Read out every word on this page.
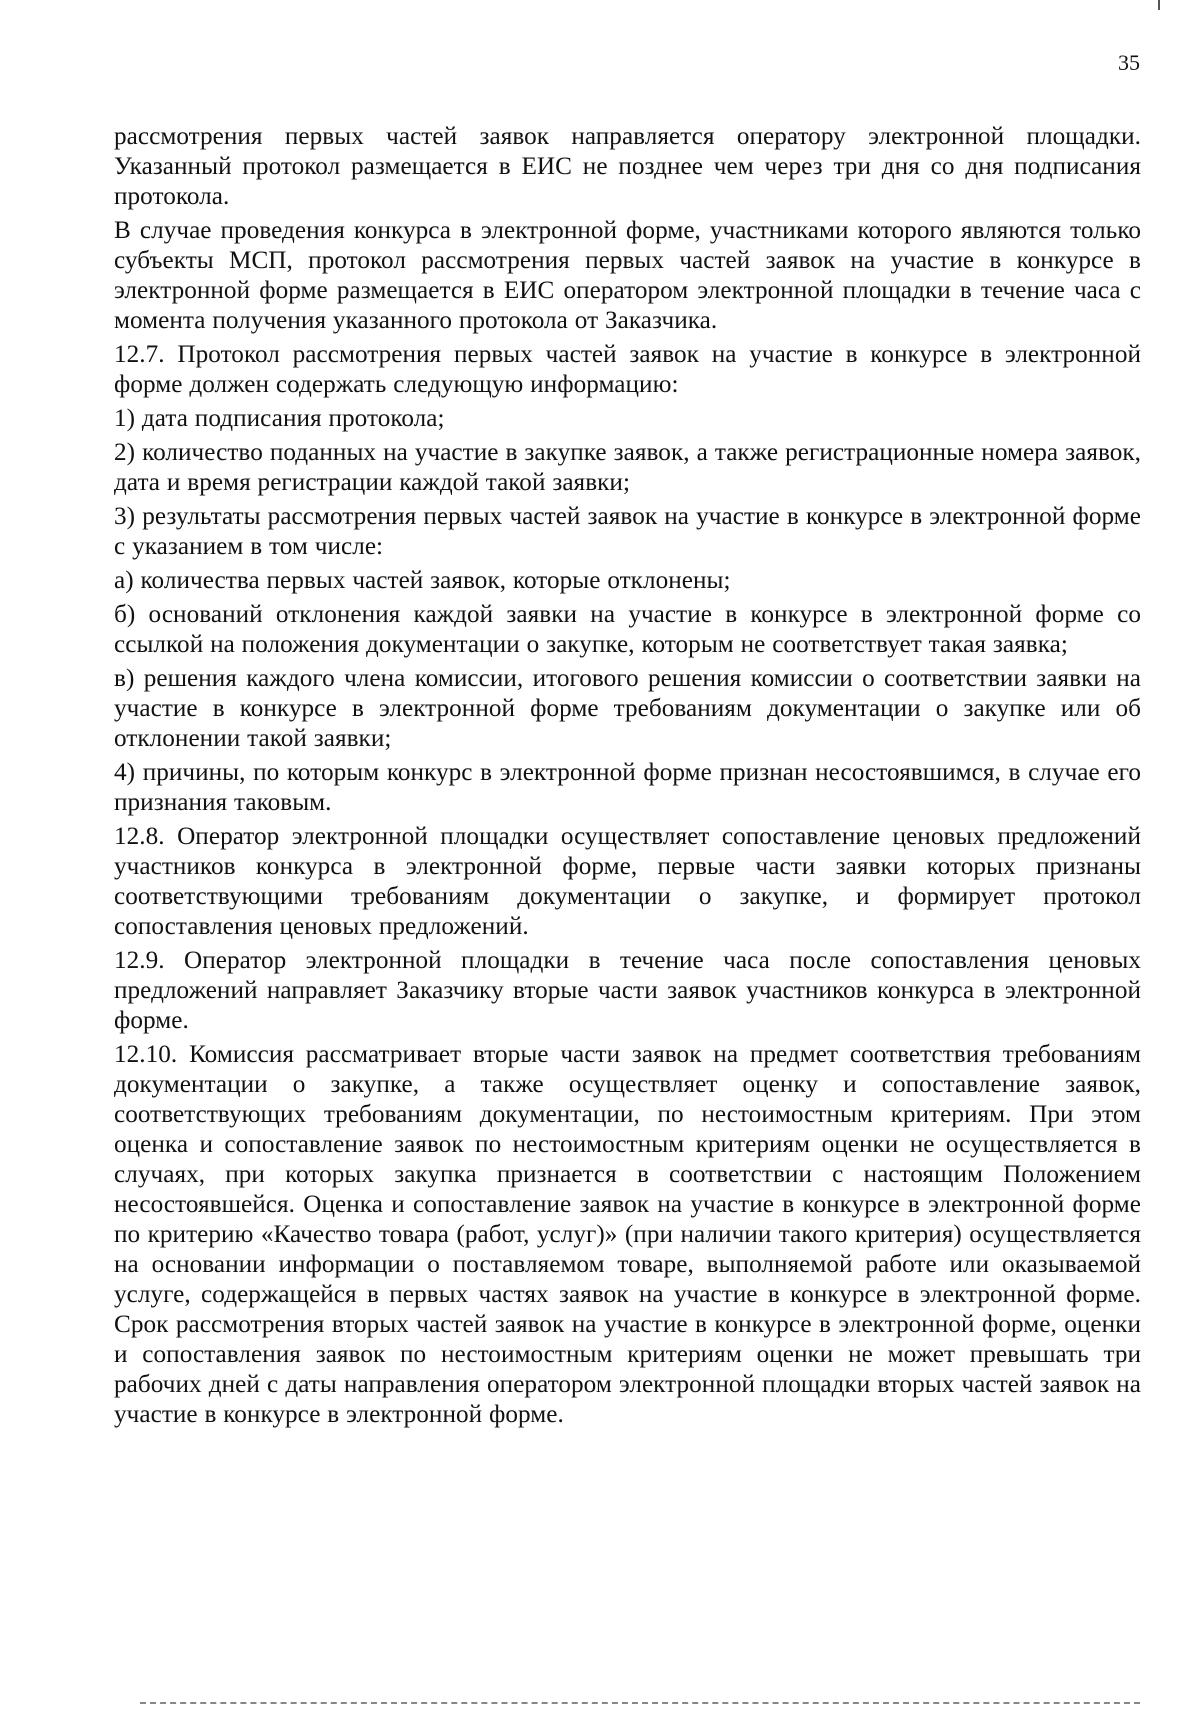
35

рассмотрения первых частей заявок направляется оператору электронной площадки. Указанный протокол размещается в ЕИС не позднее чем через три дня со дня подписания протокола.

В случае проведения конкурса в электронной форме, участниками которого являются только субъекты МСП, протокол рассмотрения первых частей заявок на участие в конкурсе в электронной форме размещается в ЕИС оператором электронной площадки в течение часа с момента получения указанного протокола от Заказчика.

12.7. Протокол рассмотрения первых частей заявок на участие в конкурсе в электронной форме должен содержать следующую информацию:

1) дата подписания протокола;

2) количество поданных на участие в закупке заявок, а также регистрационные номера заявок, дата и время регистрации каждой такой заявки;

3) результаты рассмотрения первых частей заявок на участие в конкурсе в электронной форме с указанием в том числе:

а) количества первых частей заявок, которые отклонены;

б) оснований отклонения каждой заявки на участие в конкурсе в электронной форме со ссылкой на положения документации о закупке, которым не соответствует такая заявка;

в) решения каждого члена комиссии, итогового решения комиссии о соответствии заявки на участие в конкурсе в электронной форме требованиям документации о закупке или об отклонении такой заявки;

4) причины, по которым конкурс в электронной форме признан несостоявшимся, в случае его признания таковым.

12.8. Оператор электронной площадки осуществляет сопоставление ценовых предложений участников конкурса в электронной форме, первые части заявки которых признаны соответствующими требованиям документации о закупке, и формирует протокол сопоставления ценовых предложений.

12.9. Оператор электронной площадки в течение часа после сопоставления ценовых предложений направляет Заказчику вторые части заявок участников конкурса в электронной форме.

12.10. Комиссия рассматривает вторые части заявок на предмет соответствия требованиям документации о закупке, а также осуществляет оценку и сопоставление заявок, соответствующих требованиям документации, по нестоимостным критериям. При этом оценка и сопоставление заявок по нестоимостным критериям оценки не осуществляется в случаях, при которых закупка признается в соответствии с настоящим Положением несостоявшейся. Оценка и сопоставление заявок на участие в конкурсе в электронной форме по критерию «Качество товара (работ, услуг)» (при наличии такого критерия) осуществляется на основании информации о поставляемом товаре, выполняемой работе или оказываемой услуге, содержащейся в первых частях заявок на участие в конкурсе в электронной форме. Срок рассмотрения вторых частей заявок на участие в конкурсе в электронной форме, оценки и сопоставления заявок по нестоимостным критериям оценки не может превышать три рабочих дней с даты направления оператором электронной площадки вторых частей заявок на участие в конкурсе в электронной форме.
